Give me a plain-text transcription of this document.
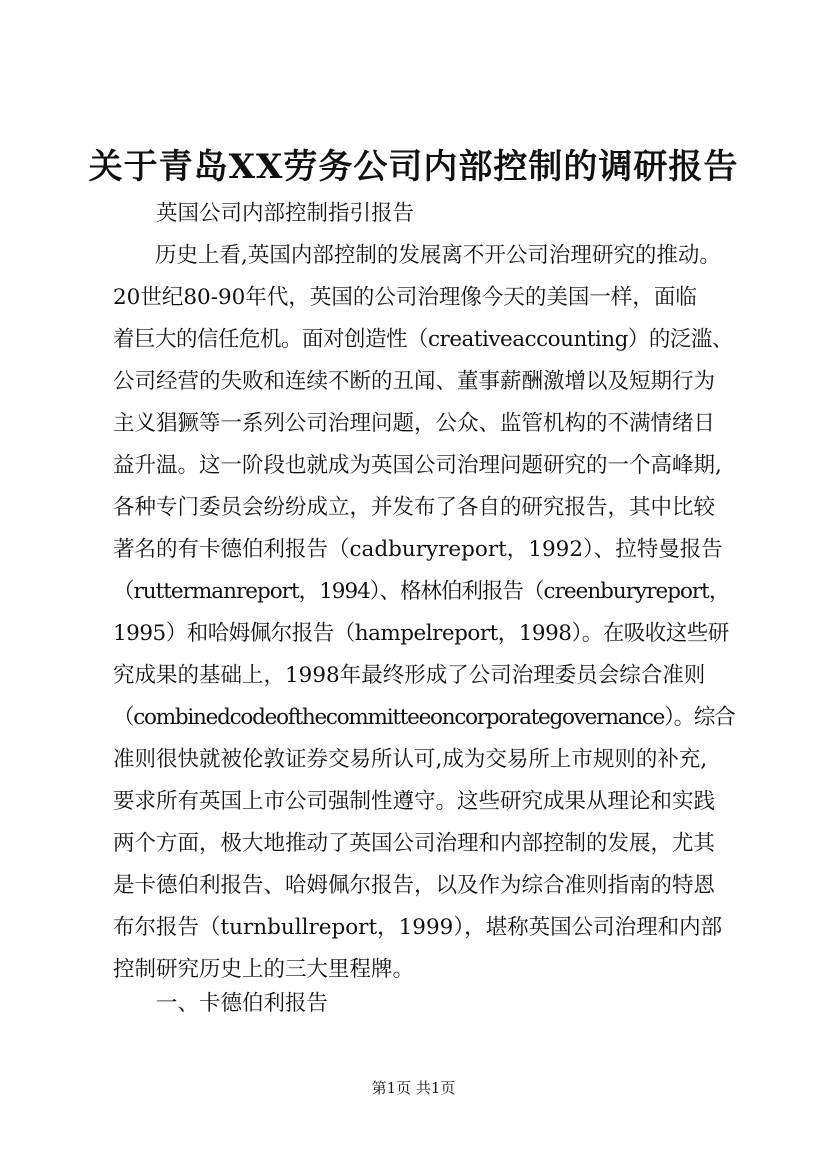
关于青岛XX劳务公司内部控制的调研报告
英国公司内部控制指引报告
历史上看,英国内部控制的发展离不开公司治理研究的推动。
20世纪80-90年代，英国的公司治理像今天的美国一样，面临
着巨大的信任危机。面对创造性（creativeaccounting）的泛滥、
公司经营的失败和连续不断的丑闻、董事薪酬激增以及短期行为
主义猖獗等一系列公司治理问题，公众、监管机构的不满情绪日
益升温。这一阶段也就成为英国公司治理问题研究的一个高峰期,
各种专门委员会纷纷成立，并发布了各自的研究报告，其中比较
著名的有卡德伯利报告（cadburyreport，1992）、拉特曼报告
（ruttermanreport，1994）、格林伯利报告（creenburyreport，
1995）和哈姆佩尔报告（hampelreport，1998）。在吸收这些研
究成果的基础上，1998年最终形成了公司治理委员会综合准则
（combinedcodeofthecommitteeoncorporategovernance）。综合
准则很快就被伦敦证券交易所认可,成为交易所上市规则的补充,
要求所有英国上市公司强制性遵守。这些研究成果从理论和实践
两个方面，极大地推动了英国公司治理和内部控制的发展，尤其
是卡德伯利报告、哈姆佩尔报告，以及作为综合准则指南的特恩
布尔报告（turnbullreport，1999），堪称英国公司治理和内部
控制研究历史上的三大里程牌。
一、卡德伯利报告
第1页 共1页
